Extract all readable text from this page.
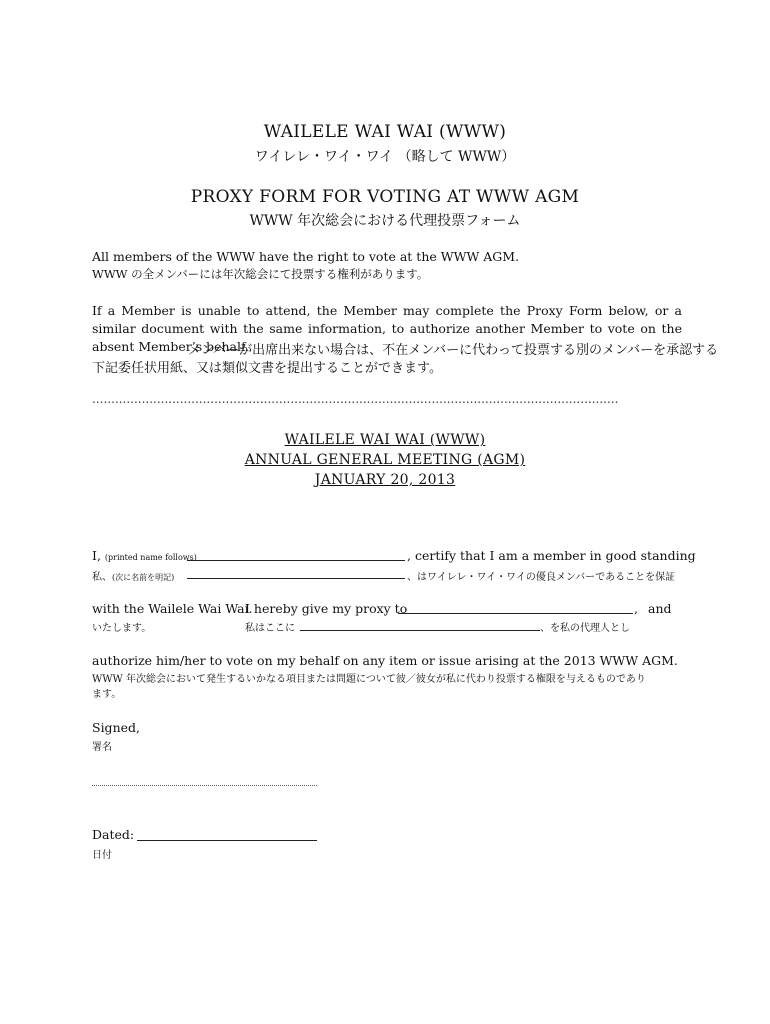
WAILELE WAI WAI (WWW)
ワイレレ・ワイ・ワイ （略して WWW）
PROXY FORM FOR VOTING AT WWW AGM
WWW 年次総会における代理投票フォーム
All members of the WWW have the right to vote at the WWW AGM.
WWW の全メンバーには年次総会にて投票する権利があります。
If a Member is unable to attend, the Member may complete the Proxy Form below, or a similar document with the same information, to authorize another Member to vote on the absent Member’s behalf.
メンバーが出席出来ない場合は、不在メンバーに代わって投票する別のメンバーを承認する
下記委任状用紙、又は類似文書を提出することができます。
..........................................................................................................................................
WAILELE WAI WAI (WWW)
ANNUAL GENERAL MEETING (AGM)
JANUARY 20, 2013
I, (printed name follows)	, certify that I am a member in good standing
私、(次に名前を明記)	、はワイレレ・ワイ・ワイの優良メンバーであることを保証
with the Wailele Wai Wai.
I hereby give my proxy to	, and
いたします。	私はここに	、を私の代理人とし
authorize him/her to vote on my behalf on any item or issue arising at the 2013 WWW AGM.
WWW 年次総会において発生するいかなる項目または問題について彼／彼女が私に代わり投票する権限を与えるものであり
ます。
Signed,
署名
Dated:
日付
